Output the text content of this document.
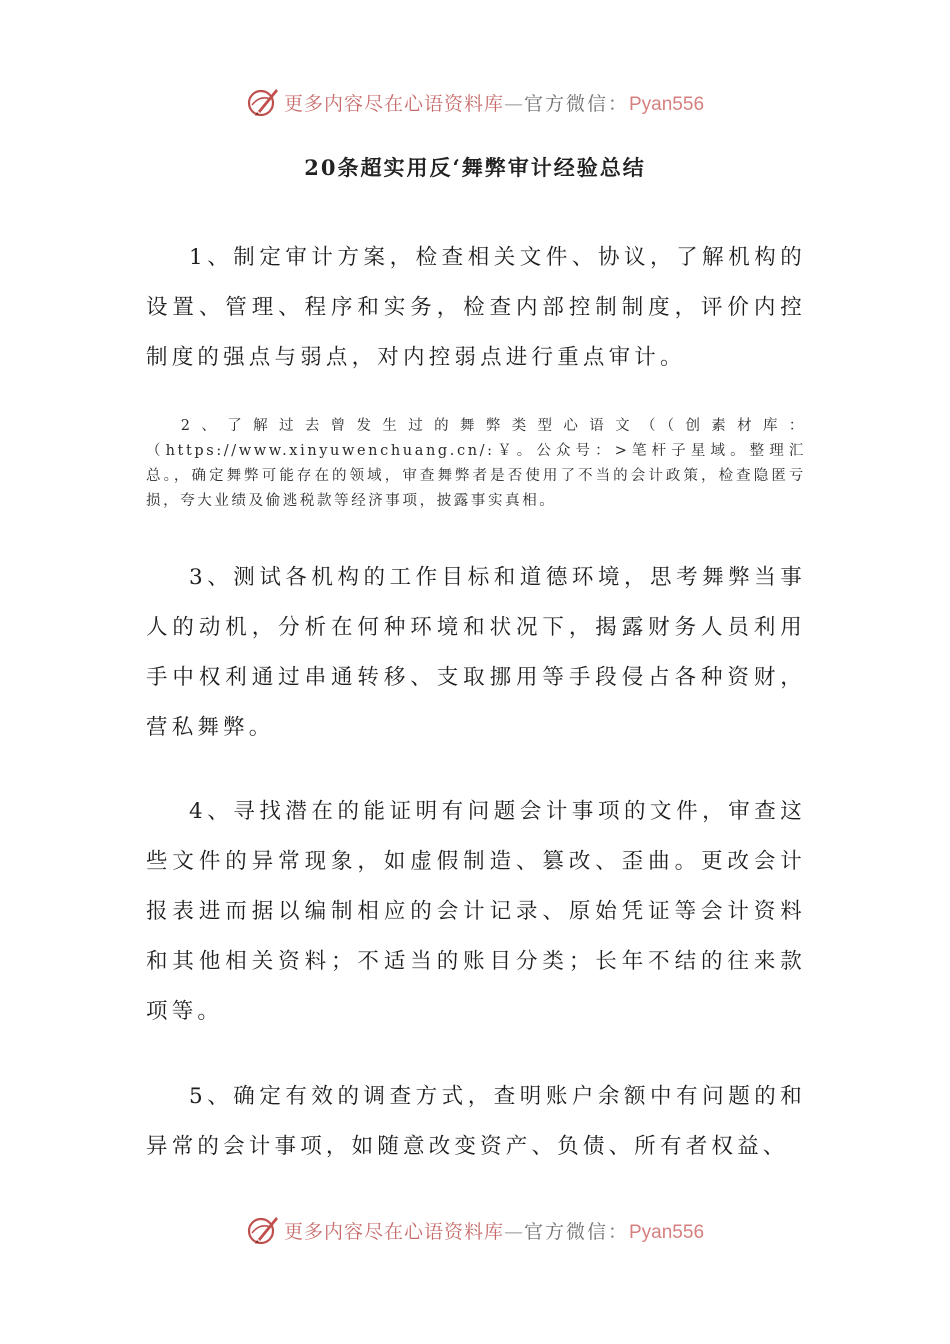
更多内容尽在心语资料库—官方微信：Pyan556
20条超实用反‘舞弊审计经验总结

1、制定审计方案，检查相关文件、协议，了解机构的设置、管理、程序和实务，检查内部控制制度，评价内控制度的强点与弱点，对内控弱点进行重点审计。

2、了解过去曾发生过的舞弊类型心语文（（创素材库：（https://www.xinyuwenchuang.cn/:￥。公众号：>笔杆子星域。整理汇总。，确定舞弊可能存在的领域，审查舞弊者是否使用了不当的会计政策，检查隐匿亏损，夸大业绩及偷逃税款等经济事项，披露事实真相。

3、测试各机构的工作目标和道德环境，思考舞弊当事人的动机，分析在何种环境和状况下，揭露财务人员利用手中权利通过串通转移、支取挪用等手段侵占各种资财，营私舞弊。

4、寻找潜在的能证明有问题会计事项的文件，审查这些文件的异常现象，如虚假制造、篡改、歪曲。更改会计报表进而据以编制相应的会计记录、原始凭证等会计资料和其他相关资料；不适当的账目分类；长年不结的往来款项等。

5、确定有效的调查方式，查明账户余额中有问题的和异常的会计事项，如随意改变资产、负债、所有者权益、

更多内容尽在心语资料库—官方微信：Pyan556
